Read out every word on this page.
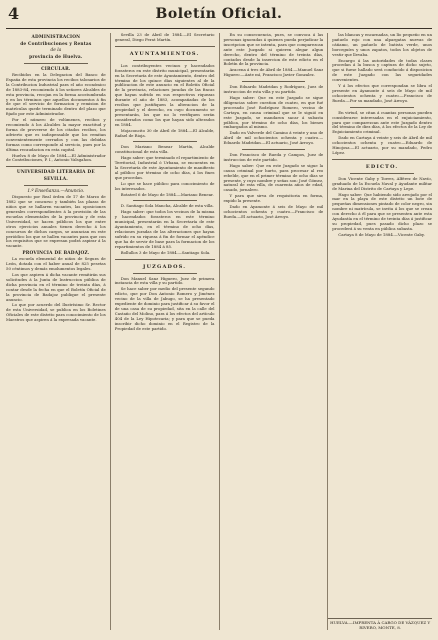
4	Boletín Oficial.
ADMINISTRACION
de Contribuciones y Rentas
de la
provincia de Huelva.
CIRCULAR.

Recibidos en la Delegacion del Banco de España de esta provincia los recibos talonarios de la Contribucion Industrial para el año económico de 1883-84, recomiendo á los señores Alcaldes de esta provincia, recojan en la forma acostumbrada y en los términos que aquellos documentos á fin de que el servicio de formacion y remision de matrículas quede terminado dentro del plazo que fijado por este Administrador.

Por el número de volúmenes, recibos y recomiendo á los Alcaldes la mayor exactitud y forma de proveerse de los citados recibos, los advierto que es indispensable que los remitan convenientemente cerrados y con las debidas formas como corresponde al servicio, pues por la última recaudacion en esta capital.

Huelva 8 de Mayo de 1884.—El Administrador de Contribuciones, P. I., Antonio Valsgahon.

UNIVERSIDAD LITERARIA DE
SEVILLA.
1.º Enseñanza.—Anuncio.

Dispuesto por Real órden de 17 de Marzo de 1882 que se concurso y también las plazas de niños que se hallaren vacantes, las oposiciones generales correspondientes á la provisión de las escuelas elementales de la provincia y de esta Universidad, se hacen públicos los que entre otros ejercicios anuales tienen derecho á los concursos de dichos cargos, se anuncian en este periódico los que se hallen vacantes para que con los requisitos que se expresan podrá aspirar á la vacante.

PROVINCIA DE BADAJOZ.

La escuela elemental de niños de Segura de León, dotada con el haber anual de 825 pesetas 50 céntimos y demás emolumentos legales.

Los que aspiren á dicha vacante remitirán sus solicitudes á la Junta de Instruccion pública de dicha provincia en el término de treinta días, á contar desde la fecha en que el Boletín Oficial de la provincia de Badajoz publique el presente anuncio.

Lo que por acuerdo del Ilustrísimo Sr. Rector de esta Universidad, se publica en los Boletines Oficiales de este distrito para conocimiento de los Maestros que aspiren á la expresada vacante.

Sevilla 23 de Abril de 1884.—El Secretario general, Diego Ferat Martín.

AYUNTAMIENTOS.

Los contribuyentes vecinos y hacendados forasteros en este distrito municipal, presentarán en la Secretaría de este Ayuntamiento, dentro del término de los quince días siguientes al de la publicacion de este anuncio en el Boletín Oficial de la provincia, relaciones juradas de las fincas que hayan sufrido en sus respectivos riquezas durante el año de 1883, acompañadas de los recibos que justifiquen la alteracion de la propiedad y el derecho, en cuyo documento se presentarán, los que no lo verifiquen serán considerados como los que hayan sido alterados en 1884.

Mojaconcito 30 de Abril de 1884.—El Alcalde, Rafael de Rioja.

Don Mariano Benear Martín, Alcalde constitucional de esta villa.

Hago saber: que terminado el repartimiento de Territorial, Industrial ó Urbana, se encuentra en la Secretaría de este Ayuntamiento de manifiesto al público por término de ocho días, á los fines que procedan.

Lo que se hace público para conocimiento de los interesados.

Botatrel 6 de Mayo de 1884.—Mariano Benear.

D. Santiago Sola Mancha, Alcalde de esta villa.

Hago saber: que todos los vecinos de la misma y hacendados forasteros en este término municipal, presentarán en la Secretaría de este Ayuntamiento, en el término de ocho días, relaciones juradas de las alteraciones que hayan sufrido en su riqueza á fin de formar el apéndice que ha de servir de base para la formacion de los repartimientos de 1884 á 85.

Bollullos 3 de Mayo de 1884.—Santiago Sola.

JUZGADOS.

Don Manuel Sanz Higuero, Juez de primera instancia de esta villa y su partido.

Se hace saber por medio del presente segundo edicto, que por Don Antonio Romero y Jiménez vecino de la villa de Jabugo, se ha presentado expediente de dominio para justificar á su favor el de una casa de su propiedad, sita en la calle del Castaño del Molino, para á los efectos del artículo 404 de la Ley Hipotecaria; y para que se pueda inscribir dicho dominio en el Registro de la Propiedad de este partido.

En su consecuencia, pues, se convoca á las personas ignoradas á quienes pueda perjudicar la inscripcion que se intenta, para que comparezcan ante este Juzgado si quieren alegar algun derecho, dentro del término de treinta días, contados desde la insercion de este edicto en el Boletín de la provincia.

Aracena á tres de Abril de 1884.—Manuel Sanz Higuero.—Ante mí, Francisco Javier Gonzalez.

Don Eduardo Madridan y Rodríguez, Juez de instruccion de esta villa y su partido.

Hago saber: Que en este Juzgado se sigue diligencias sobre cuestion de cuatro, en que fué procesado José Rodríguez Romero, vecino de Cartaya, en causa criminal que se le siguió en este Juzgado, se mandaron sacar á subasta pública, por término de ocho días, los bienes embargados al mismo.

Dado en Valverde del Camino á veinte y uno de Abril de mil ochocientos ochenta y cuatro.—Eduardo Madridan.—El actuario, José Arroyo.

Don Francisco de Rueda y Campos, Juez de instruccion de este partido.

Hago saber: Que en este Juzgado se sigue la causa criminal por hurto, para procesar al reo rebelde, que en el primer término de ocho días se presente, y cuyo nombre y señas son: José Gómez, natural de esta villa, de cuarenta años de edad, casado, jornalero.

Y para que sirva de requisitoria en forma, expido la presente.

Dado en Ayamonte á seis de Mayo de mil ochocientos ochenta y cuatro.—Francisco de Rueda.—El actuario, José Arroyo.

las blancas y encarnadas, un lío pequeño en un pañuelo rojo con una alpargatas nuevas de cáñamo, un pañuelo de batista verde, unos borceguíes y unos zapatos, todos los objetos de vestir que llevaba.

Encargo á las autoridades de todas clases procedan á la busca y captura de dicho sujeto, que si fuese hallado será conducido á disposicion de este Juzgado con las seguridades convenientes.

Y á los efectos que correspondan se libra el presente en Ayamonte á seis de Mayo de mil ochocientos ochenta y cuatro.—Francisco de Rueda.—Por su mandado, José Arroyo.

En virtud, se citan á cuantas personas pueden considerarse interesadas en el enjuiciamiento, para que comparezcan ante este Juzgado dentro del término de diez días, á los efectos de la Ley de Enjuiciamiento criminal.

Dado en Cartaya á veinte y seis de Abril de mil ochocientos ochenta y cuatro.—Eduardo de Hinojosa.—El actuario, por su mandado, Pedro López.

EDICTO.

Don Vicente Gaby y Torres, Alférez de Navío, graduado de la Escuela Naval y Ayudante militar de Marina del Distrito de Cartaya y Lepe.

Hago saber: Que habiendo sido arrojado por el mar en la playa de este distrito un bote de pequeñas dimensiones pintado de color negro, sin nombre ni matrícula, se invita á los que se crean con derecho á él para que se presenten ante esta Ayudantía en el término de treinta días á justificar su propiedad, pues pasado dicho plazo se procederá á su venta en pública subasta.

Cartaya 8 de Mayo de 1884.—Vicente Gaby.

HUELVA.—IMPRENTA Á CARGO DE VÁZQUEZ Y RIVERO, MONTE, 8.
